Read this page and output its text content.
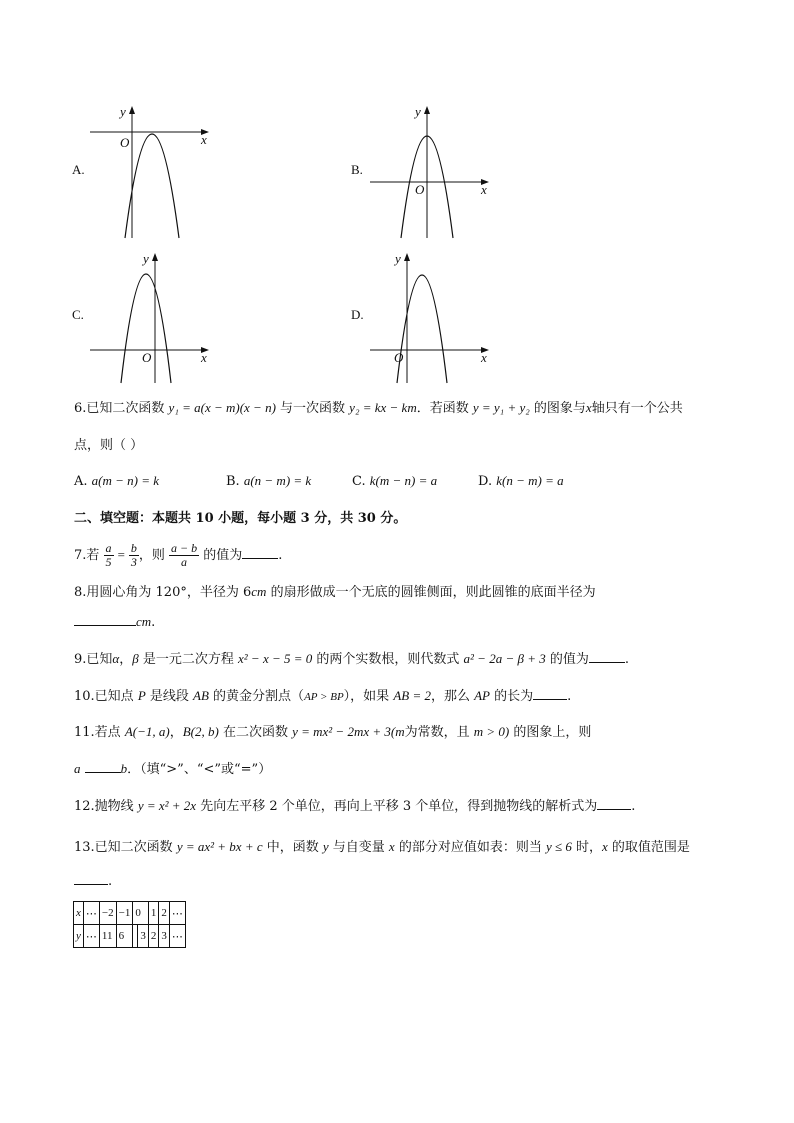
A.
y
x
O
B.
y
x
O
C.
y
x
O
D.
y
x
O
6.已知二次函数 y₁ = a(x − m)(x − n) 与一次函数 y₂ = kx − km．若函数 y = y₁ + y₂ 的图象与x轴只有一个公共
点，则（ ）
A. a(m − n) = k	B. a(n − m) = k	C. k(m − n) = a	D. k(n − m) = a
二、填空题：本题共 10 小题，每小题 3 分，共 30 分。
7.若 $\frac{a}{5} = \frac{b}{3}$ ，则 $\frac{a - b}{a}$ 的值为	.
8.用圆心角为 120°，半径为 6cm 的扇形做成一个无底的圆锥侧面，则此圆锥的底面半径为
cm.
9.已知α，β 是一元二次方程 x² − x − 5 = 0 的两个实数根，则代数式 a² − 2a − β + 3 的值为	.
10.已知点 P 是线段 AB 的黄金分割点（AP > BP），如果 AB = 2，那么 AP 的长为	.
11.若点 A(−1, a)，B(2, b) 在二次函数 y = mx² − 2mx + 3(m为常数，且 m > 0) 的图象上，则
a	b．（填“>”、“<”或“=”）
12.抛物线 y = x² + 2x 先向左平移 2 个单位，再向上平移 3 个单位，得到抛物线的解析式为	.
13.已知二次函数 y = ax² + bx + c 中，函数 y 与自变量 x 的部分对应值如表：则当 y ≤ 6 时，x 的取值范围是
.
x	⋯	−2	−1	0		1	2	⋯
y	⋯	11	6		3	2	3	⋯
